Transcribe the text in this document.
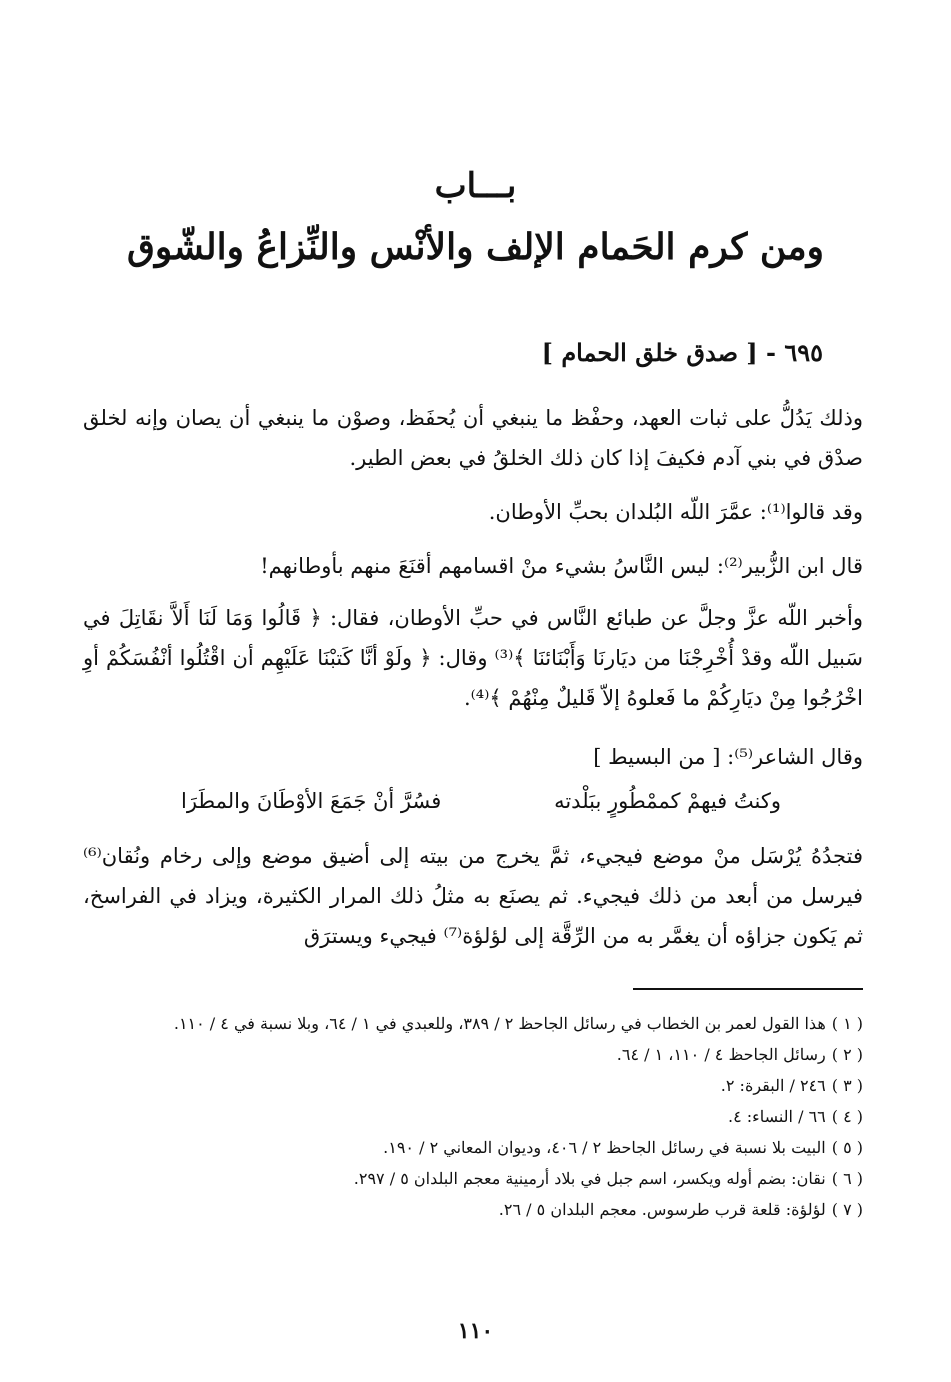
بـــاب
ومن كرم الحَمام الإلف والأنْس والنِّزاعُ والشّوق
٦٩٥ - [ صدق خلق الحمام ]

وذلك يَدُلُّ على ثبات العهد، وحفْظ ما ينبغي أن يُحفَظ، وصوْن ما ينبغي أن يصان وإنه لخلق صدْق في بني آدم فكيفَ إذا كان ذلك الخلقُ في بعض الطير.

وقد قالوا⁽¹⁾: عمَّرَ اللّه البُلدان بحبِّ الأوطان.

قال ابن الزُّبير⁽²⁾: ليس النَّاسُ بشيء منْ اقسامهم أقنَعَ منهم بأوطانهم!

وأخبر اللّه عزَّ وجلَّ عن طبائع النَّاس في حبِّ الأوطان، فقال: ﴿ قَالُوا وَمَا لَنَا أَلاَّ نقَاتِلَ في سَبيل اللّه وقدْ أُخْرِجْنَا من ديَارنَا وَأَبْنَائنَا ﴾⁽³⁾ وقال: ﴿ ولَوْ أنَّا كَتبْنَا عَلَيْهِم أن اقْتُلُوا أنْفُسَكُمْ أوِ اخْرُجُوا مِنْ ديَارِكُمْ ما فَعلوهُ إلاّ قَليلٌ مِنْهُمْ ﴾⁽⁴⁾.

وقال الشاعر⁽⁵⁾: [ من البسيط ]

وكنتُ فيهمْ كممْطُورٍ ببَلْدته
فسُرَّ أنْ جَمَعَ الأوْطَانَ والمطَرَا

فتجدُهُ يُرْسَل منْ موضع فيجيء، ثمَّ يخرج من بيته إلى أضيق موضع وإلى رخام ونُقان⁽⁶⁾ فيرسل من أبعد من ذلك فيجيء. ثم يصنَع به مثلُ ذلك المرار الكثيرة، ويزاد في الفراسخ، ثم يَكون جزاؤه أن يغمَّر به من الرِّقَّة إلى لؤلؤة⁽⁷⁾ فيجيء ويسترَق

( ١ )هذا القول لعمر بن الخطاب في رسائل الجاحظ ٢ / ٣٨٩، وللعبدي في ١ / ٦٤، وبلا نسبة في ٤ / ١١٠.

( ٢ )رسائل الجاحظ ٤ / ١١٠، ١ / ٦٤.

( ٣ )٢٤٦ / البقرة: ٢.

( ٤ )٦٦ / النساء: ٤.

( ٥ )البيت بلا نسبة في رسائل الجاحظ ٢ / ٤٠٦، وديوان المعاني ٢ / ١٩٠.

( ٦ )نقان: بضم أوله ويكسر، اسم جبل في بلاد أرمينية معجم البلدان ٥ / ٢٩٧.

( ٧ )لؤلؤة: قلعة قرب طرسوس. معجم البلدان ٥ / ٢٦.

١١٠
